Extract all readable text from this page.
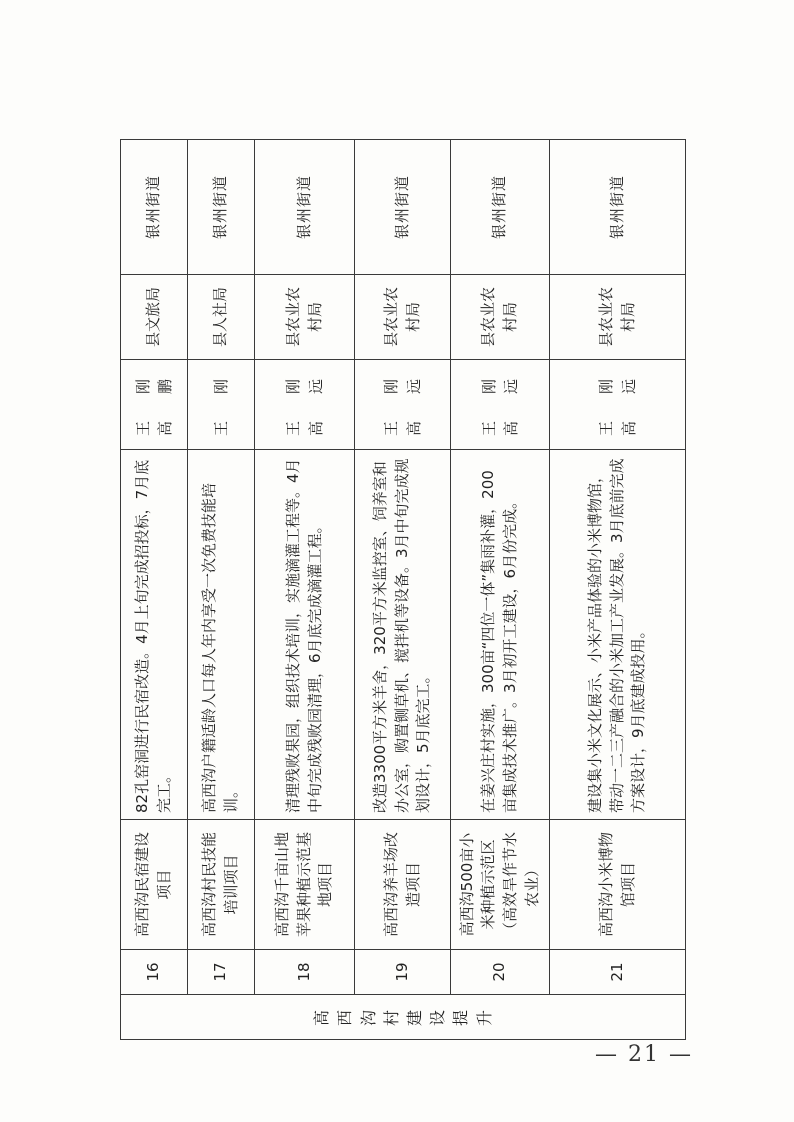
高西沟村建设提升	16	高西沟民宿建设项目	82孔窑洞进行民宿改造。4月上旬完成招投标，7月底完工。	王　刚 高　鹏	县文旅局	银州街道
	17	高西沟村民技能培训项目	高西沟户籍适龄人口每人年内享受一次免费技能培训。	王　刚	县人社局	银州街道
	18	高西沟千亩山地苹果种植示范基地项目	清理残败果园，组织技术培训，实施滴灌工程等。4月中旬完成残败园清理，6月底完成滴灌工程。	王　刚 高　远	县农业农村局	银州街道
	19	高西沟养羊场改造项目	改造3300平方米羊舍，320平方米监控室、饲养室和办公室，购置铡草机、搅拌机等设备。3月中旬完成规划设计，5月底完工。	王　刚 高　远	县农业农村局	银州街道
	20	高西沟500亩小米种植示范区（高效旱作节水农业）	在姜兴庄村实施，300亩“四位一体”集雨补灌，200亩集成技术推广。3月初开工建设，6月份完成。	王　刚 高　远	县农业农村局	银州街道
	21	高西沟小米博物馆项目	建设集小米文化展示、小米产品体验的小米博物馆，带动一二三产融合的小米加工产业发展。3月底前完成方案设计，9月底建成投用。	王　刚 高　远	县农业农村局	银州街道
— 21 —
